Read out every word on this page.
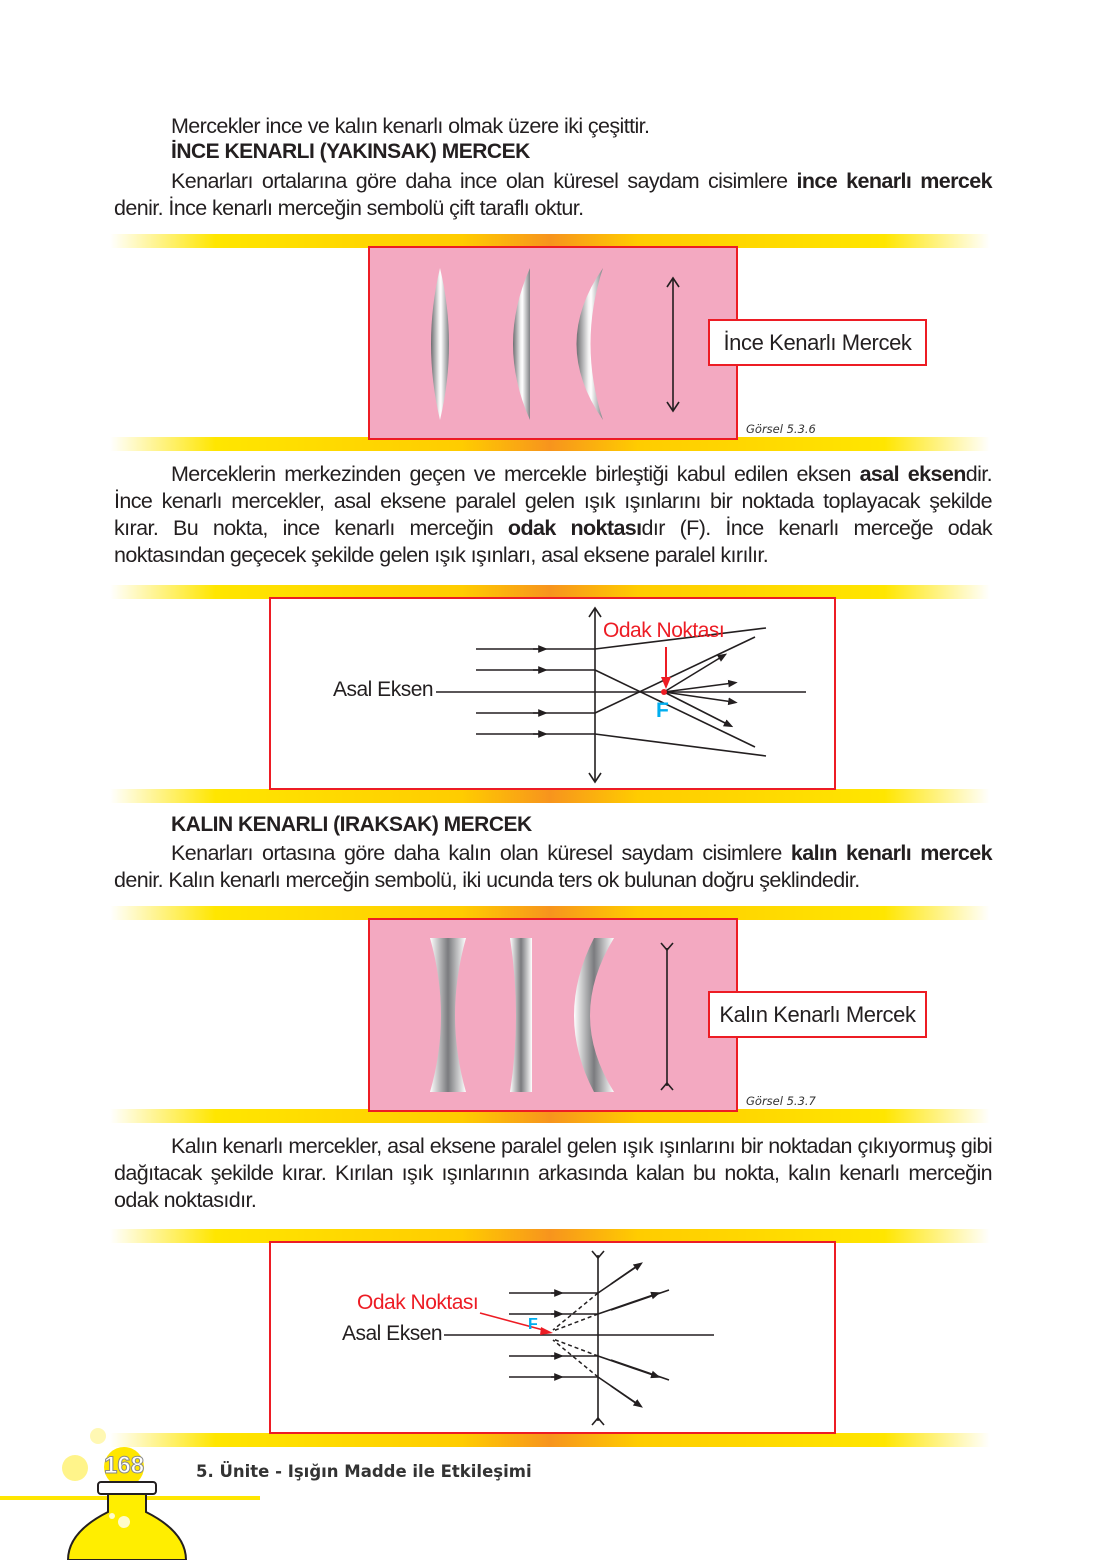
Mercekler ince ve kalın kenarlı olmak üzere iki çeşittir.
İNCE KENARLI (YAKINSAK) MERCEK
Kenarları ortalarına göre daha ince olan küresel saydam cisimlere ince kenarlı mercek denir. İnce kenarlı merceğin sembolü çift taraflı oktur.
İnce Kenarlı Mercek
Görsel 5.3.6
Merceklerin merkezinden geçen ve mercekle birleştiği kabul edilen eksen asal eksendir. İnce kenarlı mercekler, asal eksene paralel gelen ışık ışınlarını bir noktada toplayacak şekilde kırar. Bu nokta, ince kenarlı merceğin odak noktasıdır (F). İnce kenarlı merceğe odak noktasından geçecek şekilde gelen ışık ışınları, asal eksene paralel kırılır.
Odak Noktası
Asal Eksen
F
KALIN KENARLI (IRAKSAK) MERCEK
Kenarları ortasına göre daha kalın olan küresel saydam cisimlere kalın kenarlı mercek denir. Kalın kenarlı merceğin sembolü, iki ucunda ters ok bulunan doğru şeklindedir.
Kalın Kenarlı Mercek
Görsel 5.3.7
Kalın kenarlı mercekler, asal eksene paralel gelen ışık ışınlarını bir noktadan çıkıyormuş gibi dağıtacak şekilde kırar. Kırılan ışık ışınlarının arkasında kalan bu nokta, kalın kenarlı merceğin odak noktasıdır.
Odak Noktası
Asal Eksen	F
168	5. Ünite - Işığın Madde ile Etkileşimi
